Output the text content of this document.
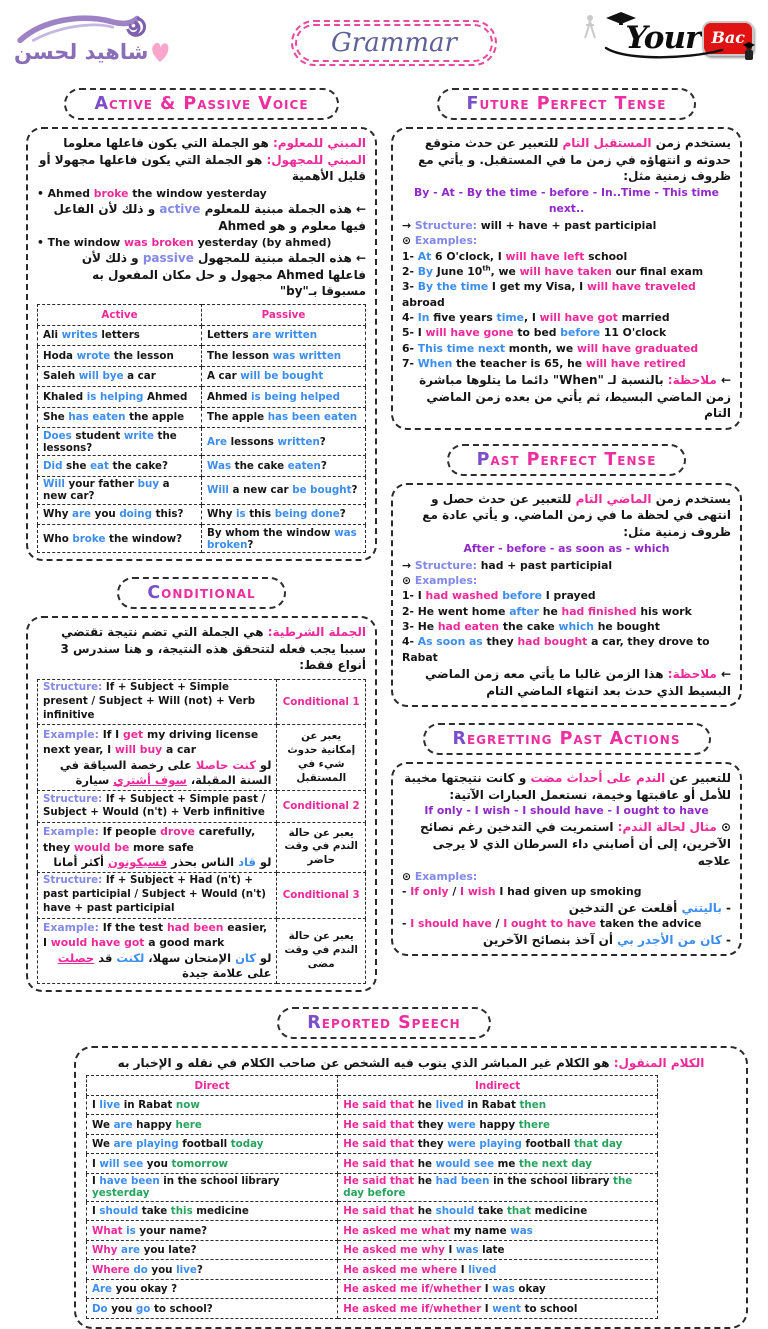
شاهيد لحسن	Grammar	Your Bac
Active & Passive Voice

المبني للمعلوم: هو الجملة التي يكون فاعلها معلوما

المبني للمجهول: هو الجملة التي يكون فاعلها مجهولا أو قليل الأهمية

• Ahmed broke the window yesterday

← هذه الجملة مبنية للمعلوم active و ذلك لأن الفاعل فيها معلوم و هو Ahmed

• The window was broken yesterday (by ahmed)

← هذه الجملة مبنية للمجهول passive و ذلك لأن فاعلها Ahmed مجهول و حل مكان المفعول به مسبوقا بـ"by"

Active	Passive
Ali writes letters	Letters are written
Hoda wrote the lesson	The lesson was written
Saleh will bye a car	A car will be bought
Khaled is helping Ahmed	Ahmed is being helped
She has eaten the apple	The apple has been eaten
Does student write the lessons?	Are lessons written?
Did she eat the cake?	Was the cake eaten?
Will your father buy a new car?	Will a new car be bought?
Why are you doing this?	Why is this being done?
Who broke the window?	By whom the window was broken?
Conditional

الجملة الشرطية: هي الجملة التي تضم نتيجة تقتضي سببا يجب فعله لتتحقق هذه النتيجة، و هنا سندرس 3 أنواع فقط:

Structure: If + Subject + Simple present / Subject + Will (not) + Verb infinitive	Conditional 1

Example: If I get my driving license next year, I will buy a car
لو كنت حاصلا على رخصة السياقة في السنة المقبلة، سوف أشتري سيارة	يعبر عن إمكانية حدوث شيء في المستقبل
Structure: If + Subject + Simple past / Subject + Would (n't) + Verb infinitive	Conditional 2

Example: If people drove carefully, they would be more safe
لو قاد الناس بحذر فسيكونون أكثر أمانا	يعبر عن حالة الندم في وقت حاضر
Structure: If + Subject + Had (n't) + past participial / Subject + Would (n't) have + past participial	Conditional 3

Example: If the test had been easier, I would have got a good mark
لو كان الإمتحان سهلا، لكنت قد حصلت على علامة جيدة	يعبر عن حالة الندم في وقت مضى
Future Perfect Tense

يستخدم زمن المستقبل التام للتعبير عن حدث متوقع حدوثه و انتهاؤه في زمن ما في المستقبل. و يأتي مع ظروف زمنية مثل:

By - At - By the time - before - In..Time - This time next..

→ Structure: will + have + past participial

⊙ Examples:

1- At 6 O'clock, I will have left school

2- By June 10th, we will have taken our final exam

3- By the time I get my Visa, I will have traveled abroad

4- In five years time, I will have got married

5- I will have gone to bed before 11 O'clock

6- This time next month, we will have graduated

7- When the teacher is 65, he will have retired

← ملاحظة: بالنسبة لـ "When" دائما ما يتلوها مباشرة زمن الماضي البسيط، ثم يأتي من بعده زمن الماضي التام

Past Perfect Tense

يستخدم زمن الماضي التام للتعبير عن حدث حصل و انتهى في لحظة ما في زمن الماضي. و يأتي عادة مع ظروف زمنية مثل:

After - before - as soon as - which

→ Structure: had + past participial

⊙ Examples:

1- I had washed before I prayed

2- He went home after he had finished his work

3- He had eaten the cake which he bought

4- As soon as they had bought a car, they drove to Rabat

← ملاحظة: هذا الزمن غالبا ما يأتي معه زمن الماضي البسيط الذي حدث بعد انتهاء الماضي التام

Regretting Past Actions

للتعبير عن الندم على أحداث مضت و كانت نتيجتها مخيبة للأمل أو عاقبتها وخيمة، نستعمل العبارات الآتية:

If only - I wish - I should have - I ought to have

⊙ مثال لحالة الندم: استمريت في التدخين رغم نصائح الآخرين، إلى أن أصابني داء السرطان الذي لا يرجى علاجه

⊙ Examples:

- If only / I wish I had given up smoking

- باليتني أقلعت عن التدخين

- I should have / I ought to have taken the advice

- كان من الأجدر بي أن آخذ بنصائح الآخرين

Reported Speech

الكلام المنقول: هو الكلام غير المباشر الذي ينوب فيه الشخص عن صاحب الكلام في نقله و الإخبار به

Direct	Indirect
I live in Rabat now	He said that he lived in Rabat then
We are happy here	He said that they were happy there
We are playing football today	He said that they were playing football that day
I will see you tomorrow	He said that he would see me the next day
I have been in the school library yesterday	He said that he had been in the school library the day before
I should take this medicine	He said that he should take that medicine
What is your name?	He asked me what my name was
Why are you late?	He asked me why I was late
Where do you live?	He asked me where I lived
Are you okay ?	He asked me if/whether I was okay
Do you go to school?	He asked me if/whether I went to school
